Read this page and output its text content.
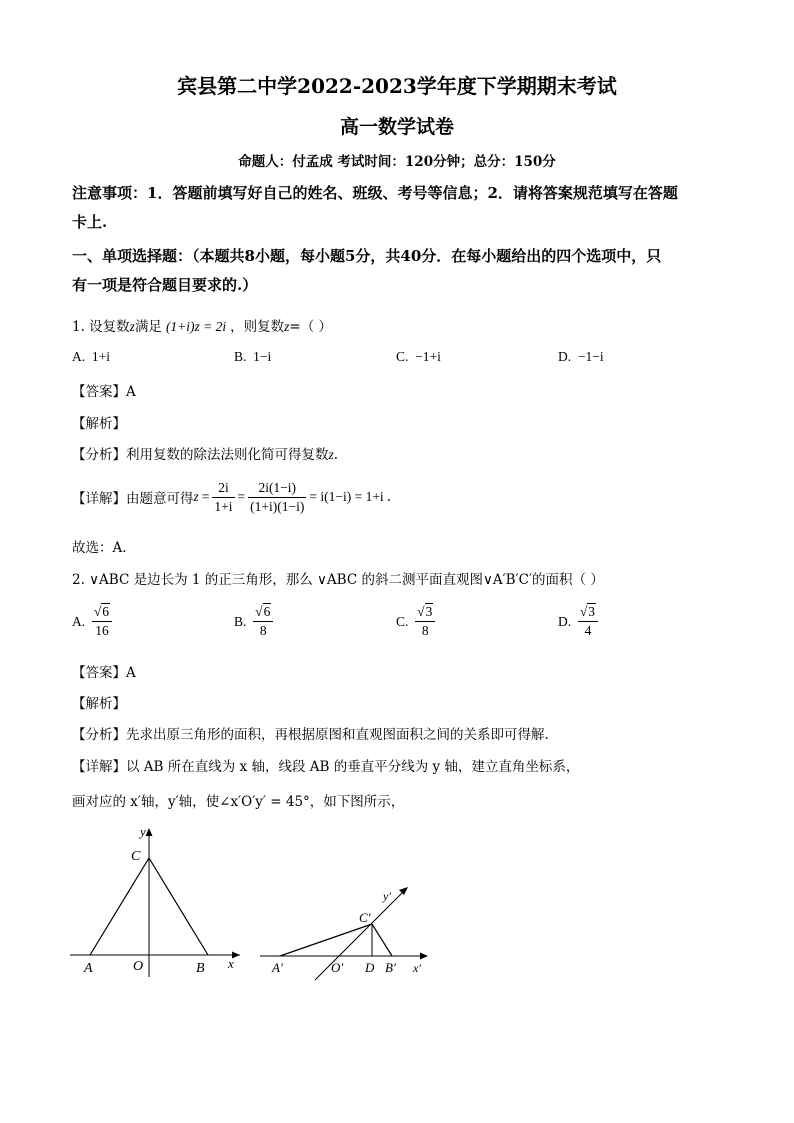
宾县第二中学2022-2023学年度下学期期末考试
高一数学试卷
命题人：付孟成 考试时间：120分钟；总分：150分
注意事项：1．答题前填写好自己的姓名、班级、考号等信息；2．请将答案规范填写在答题
卡上.
一、单项选择题：（本题共8小题，每小题5分，共40分．在每小题给出的四个选项中，只
有一项是符合题目要求的.）
1. 设复数z满足 (1+i)z = 2i ，则复数z=（ ）
A. 1+i	B. 1−i	C. −1+i	D. −1−i
【答案】A
【解析】
【分析】利用复数的除法法则化简可得复数z.
【详解】 由题意可得 $z = \frac{2i}{1+i} = \frac{2i(1-i)}{(1+i)(1-i)} = i(1-i) = 1+i$ .
故选：A.
2. ∨ABC 是边长为 1 的正三角形，那么 ∨ABC 的斜二测平面直观图∨A′B′C′的面积（ ）
A.
$\frac{√6}{16}$	B.
$\frac{√6}{8}$	C.
$\frac{√3}{8}$	D.
$\frac{√3}{4}$
【答案】A
【解析】
【分析】先求出原三角形的面积，再根据原图和直观图面积之间的关系即可得解.
【详解】以 AB 所在直线为 x 轴，线段 AB 的垂直平分线为 y 轴，建立直角坐标系，
画对应的 x′轴，y′轴，使∠x′O′y′ = 45°，如下图所示，
y
C
A	O	B x
y′
C′
A′	O′ D B′ x′
